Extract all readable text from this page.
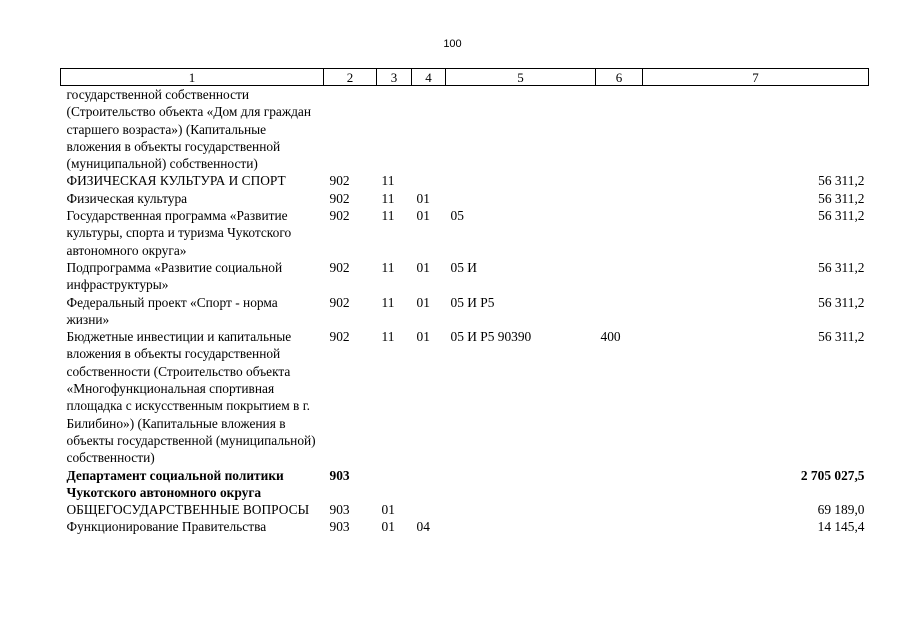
100
1	2	3	4	5	6	7
государственной собственности (Строительство объекта «Дом для граждан старшего возраста») (Капитальные вложения в объекты государственной (муниципальной) собственности)						
ФИЗИЧЕСКАЯ КУЛЬТУРА И СПОРТ	902	11				56 311,2
Физическая культура	902	11	01			56 311,2
Государственная программа «Развитие культуры, спорта и туризма Чукотского автономного округа»	902	11	01	05		56 311,2
Подпрограмма «Развитие социальной инфраструктуры»	902	11	01	05 И		56 311,2
Федеральный проект «Спорт - норма жизни»	902	11	01	05 И Р5		56 311,2
Бюджетные инвестиции и капитальные вложения в объекты государственной собственности (Строительство объекта «Многофункциональная спортивная площадка с искусственным покрытием в г. Билибино») (Капитальные вложения в объекты государственной (муниципальной) собственности)	902	11	01	05 И Р5 90390	400	56 311,2
Департамент социальной политики Чукотского автономного округа	903					2 705 027,5
ОБЩЕГОСУДАРСТВЕННЫЕ ВОПРОСЫ	903	01				69 189,0
Функционирование Правительства	903	01	04			14 145,4
